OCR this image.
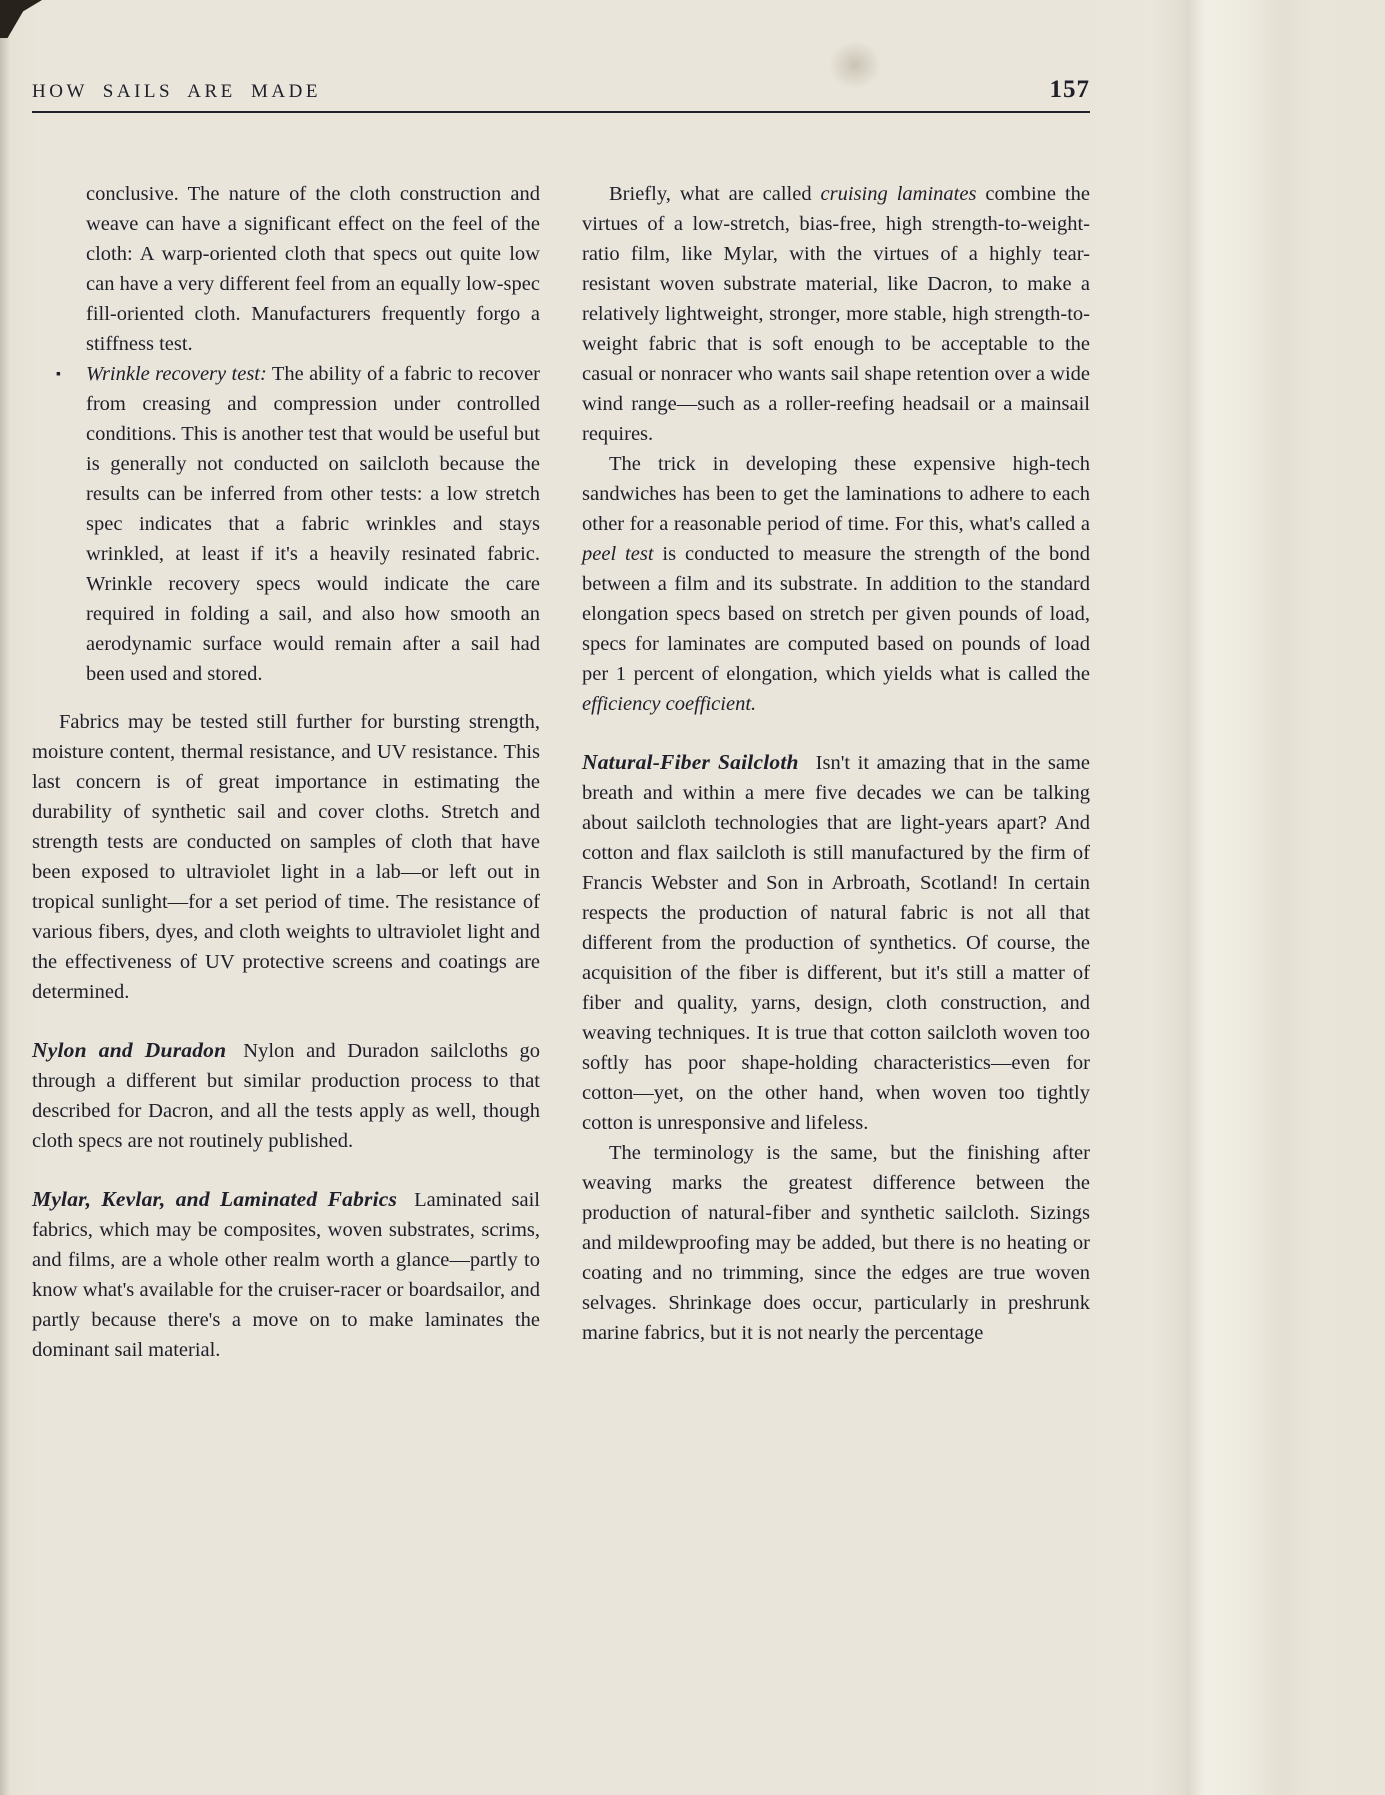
HOW SAILS ARE MADE	157

conclusive. The nature of the cloth construction and weave can have a significant effect on the feel of the cloth: A warp-oriented cloth that specs out quite low can have a very different feel from an equally low-spec fill-oriented cloth. Manufacturers frequently forgo a stiffness test.

▪ Wrinkle recovery test: The ability of a fabric to recover from creasing and compression under controlled conditions. This is another test that would be useful but is generally not conducted on sailcloth because the results can be inferred from other tests: a low stretch spec indicates that a fabric wrinkles and stays wrinkled, at least if it's a heavily resinated fabric. Wrinkle recovery specs would indicate the care required in folding a sail, and also how smooth an aerodynamic surface would remain after a sail had been used and stored.

Fabrics may be tested still further for bursting strength, moisture content, thermal resistance, and UV resistance. This last concern is of great importance in estimating the durability of synthetic sail and cover cloths. Stretch and strength tests are conducted on samples of cloth that have been exposed to ultraviolet light in a lab—or left out in tropical sunlight—for a set period of time. The resistance of various fibers, dyes, and cloth weights to ultraviolet light and the effectiveness of UV protective screens and coatings are determined.

Nylon and Duradon Nylon and Duradon sailcloths go through a different but similar production process to that described for Dacron, and all the tests apply as well, though cloth specs are not routinely published.

Mylar, Kevlar, and Laminated Fabrics Laminated sail fabrics, which may be composites, woven substrates, scrims, and films, are a whole other realm worth a glance—partly to know what's available for the cruiser-racer or boardsailor, and partly because there's a move on to make laminates the dominant sail material.

Briefly, what are called cruising laminates combine the virtues of a low-stretch, bias-free, high strength-to-weight-ratio film, like Mylar, with the virtues of a highly tear-resistant woven substrate material, like Dacron, to make a relatively lightweight, stronger, more stable, high strength-to-weight fabric that is soft enough to be acceptable to the casual or nonracer who wants sail shape retention over a wide wind range—such as a roller-reefing headsail or a mainsail requires.

The trick in developing these expensive high-tech sandwiches has been to get the laminations to adhere to each other for a reasonable period of time. For this, what's called a peel test is conducted to measure the strength of the bond between a film and its substrate. In addition to the standard elongation specs based on stretch per given pounds of load, specs for laminates are computed based on pounds of load per 1 percent of elongation, which yields what is called the efficiency coefficient.

Natural-Fiber Sailcloth Isn't it amazing that in the same breath and within a mere five decades we can be talking about sailcloth technologies that are light-years apart? And cotton and flax sailcloth is still manufactured by the firm of Francis Webster and Son in Arbroath, Scotland! In certain respects the production of natural fabric is not all that different from the production of synthetics. Of course, the acquisition of the fiber is different, but it's still a matter of fiber and quality, yarns, design, cloth construction, and weaving techniques. It is true that cotton sailcloth woven too softly has poor shape-holding characteristics—even for cotton—yet, on the other hand, when woven too tightly cotton is unresponsive and lifeless.

The terminology is the same, but the finishing after weaving marks the greatest difference between the production of natural-fiber and synthetic sailcloth. Sizings and mildewproofing may be added, but there is no heating or coating and no trimming, since the edges are true woven selvages. Shrinkage does occur, particularly in preshrunk marine fabrics, but it is not nearly the percentage
